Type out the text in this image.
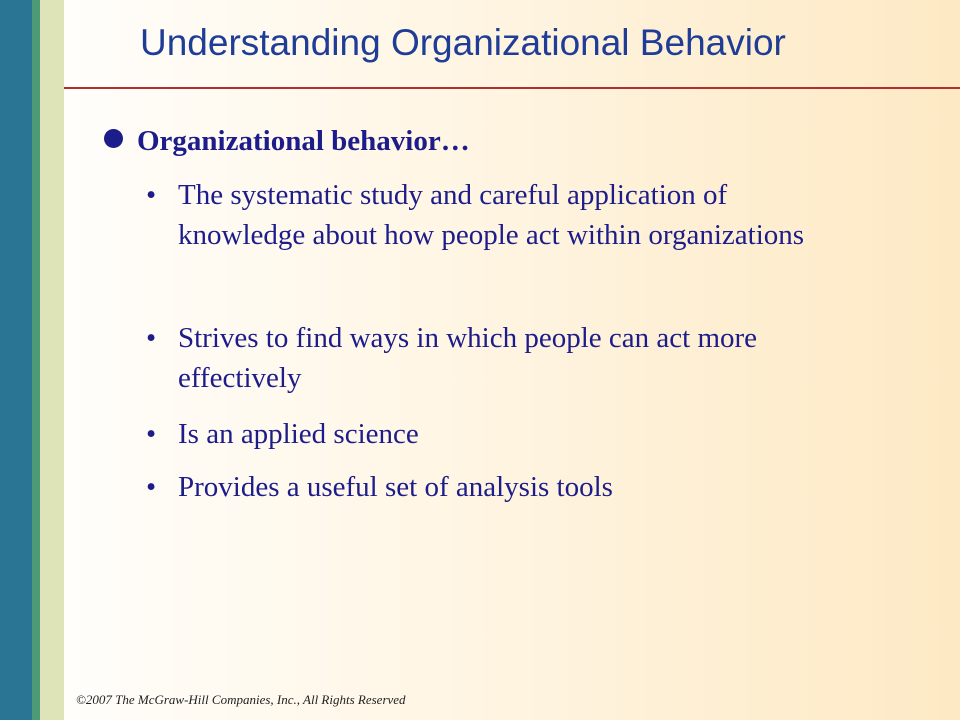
Understanding Organizational Behavior
Organizational behavior…
• The systematic study and careful application of knowledge about how people act within organizations
• Strives to find ways in which people can act more effectively
• Is an applied science
• Provides a useful set of analysis tools
©2007 The McGraw-Hill Companies, Inc., All Rights Reserved
